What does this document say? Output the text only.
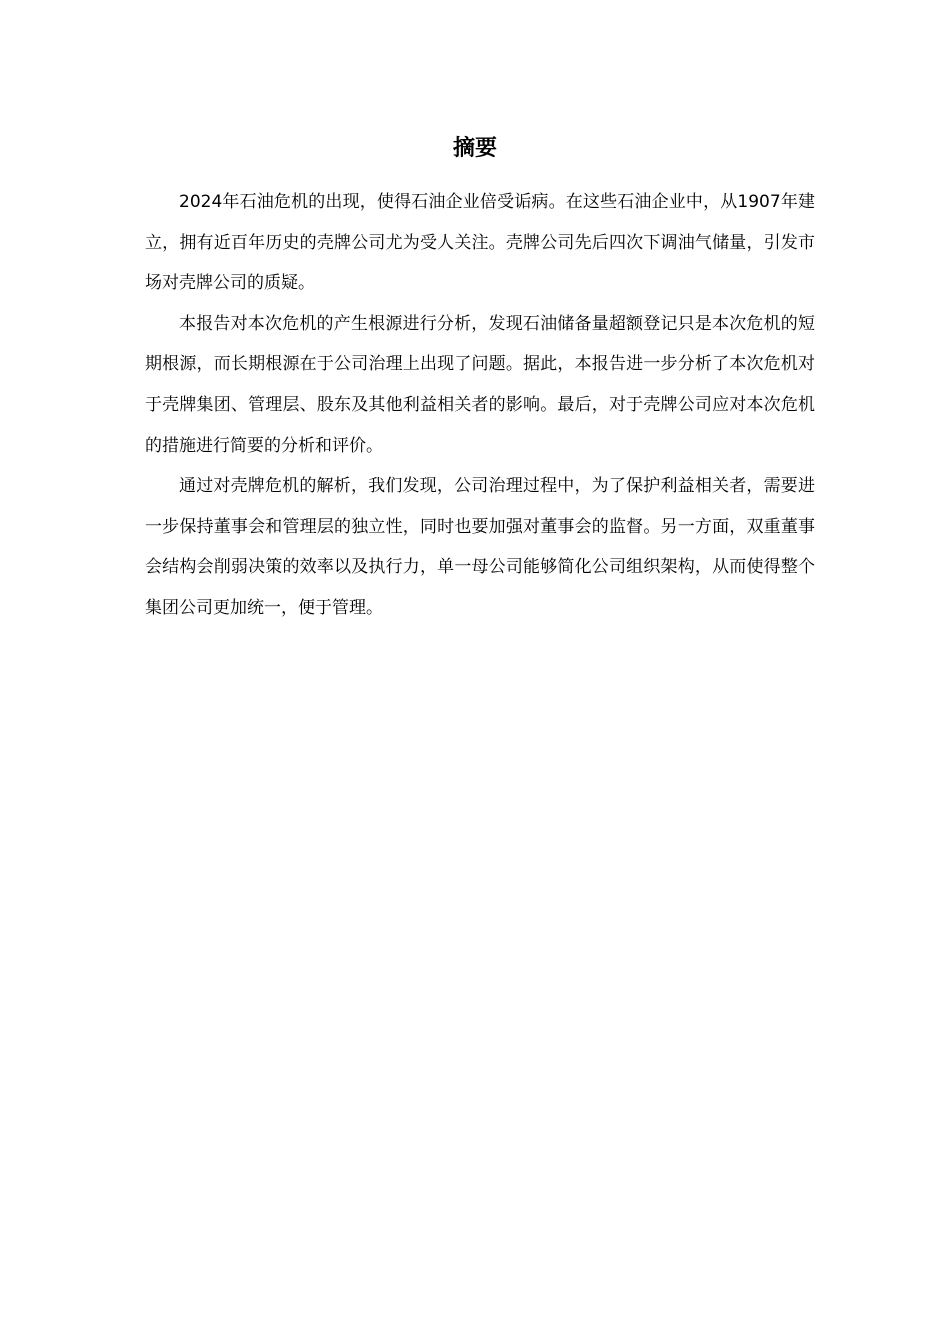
摘要

2024年石油危机的出现，使得石油企业倍受诟病。在这些石油企业中，从1907年建立，拥有近百年历史的壳牌公司尤为受人关注。壳牌公司先后四次下调油气储量，引发市场对壳牌公司的质疑。

本报告对本次危机的产生根源进行分析，发现石油储备量超额登记只是本次危机的短期根源，而长期根源在于公司治理上出现了问题。据此，本报告进一步分析了本次危机对于壳牌集团、管理层、股东及其他利益相关者的影响。最后，对于壳牌公司应对本次危机的措施进行简要的分析和评价。

通过对壳牌危机的解析，我们发现，公司治理过程中，为了保护利益相关者，需要进一步保持董事会和管理层的独立性，同时也要加强对董事会的监督。另一方面，双重董事会结构会削弱决策的效率以及执行力，单一母公司能够简化公司组织架构，从而使得整个集团公司更加统一，便于管理。
